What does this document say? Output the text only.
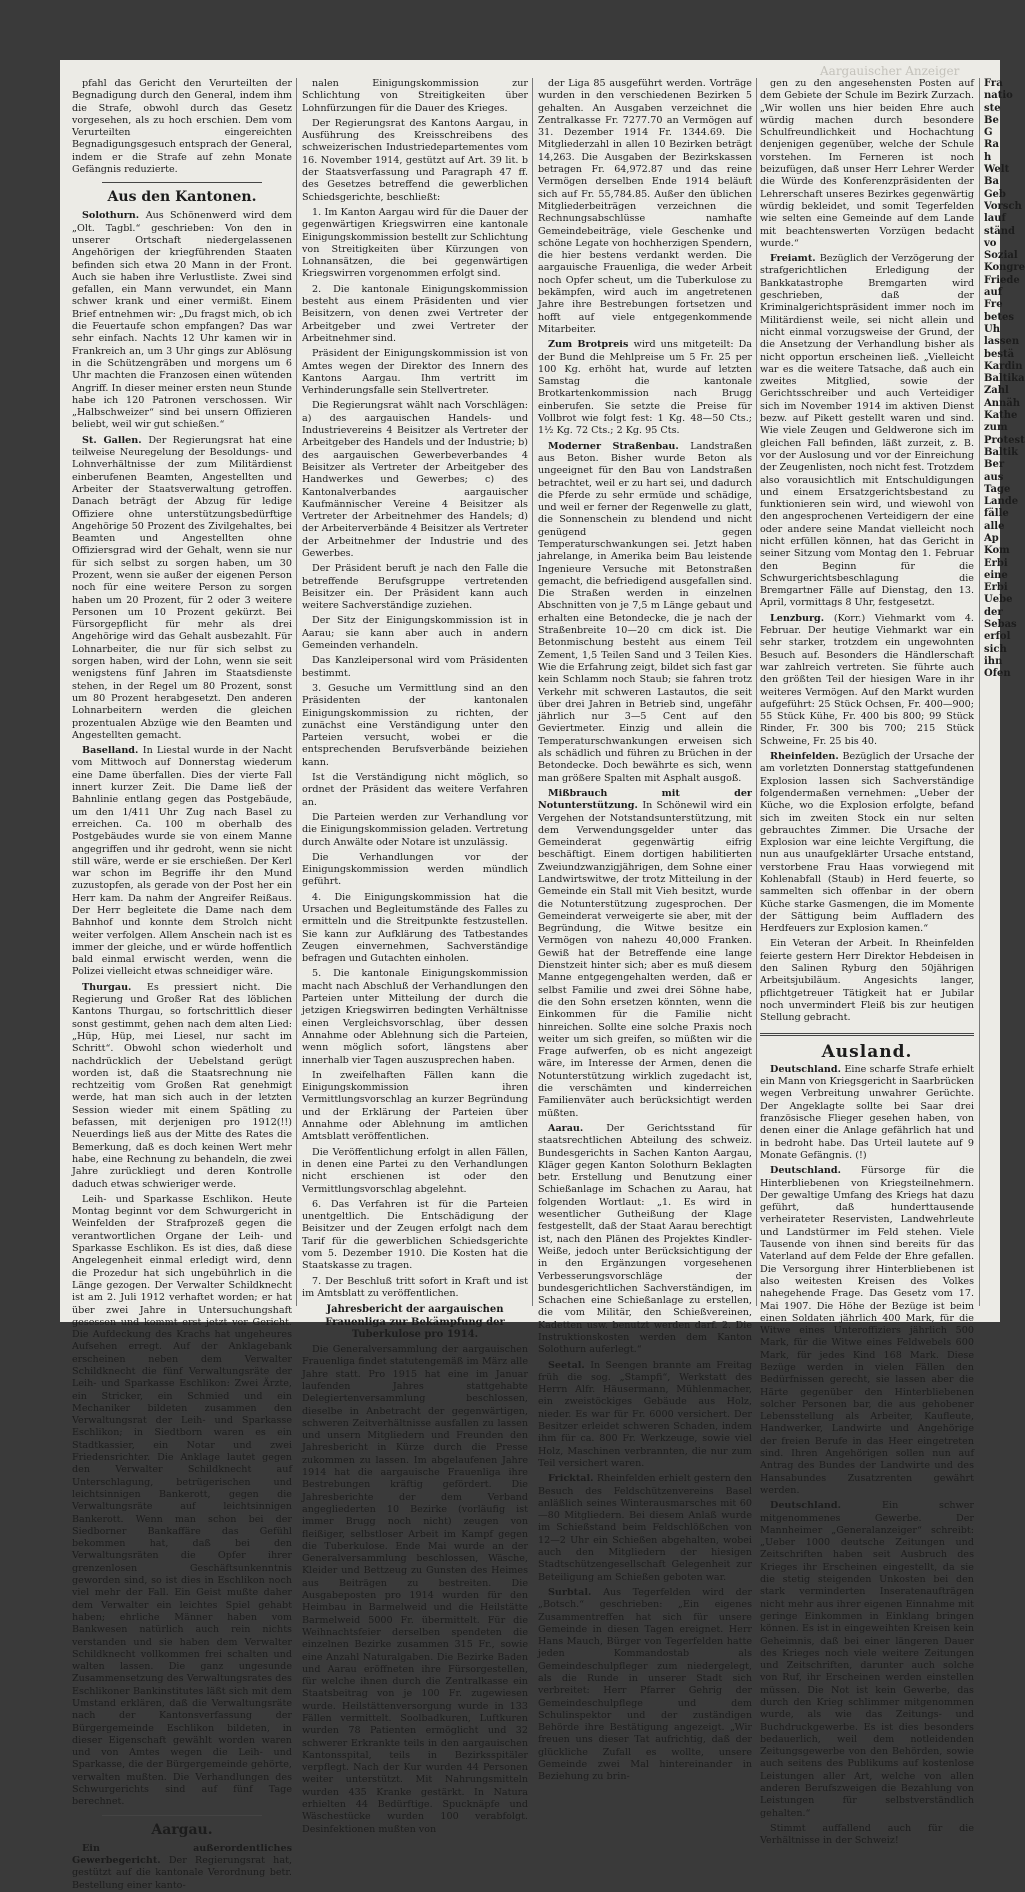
Aargauischer Anzeiger

pfahl das Gericht den Verurteilten der Begnadigung durch den General, indem ihm die Strafe, obwohl durch das Gesetz vorgesehen, als zu hoch erschien. Dem vom Verurteilten eingereichten Begnadigungsgesuch entsprach der General, indem er die Strafe auf zehn Monate Gefängnis reduzierte.

Aus den Kantonen.

Solothurn. Aus Schönenwerd wird dem „Olt. Tagbl.“ geschrieben: Von den in unserer Ortschaft niedergelassenen Angehörigen der kriegführenden Staaten befinden sich etwa 20 Mann in der Front. Auch sie haben ihre Verlustliste. Zwei sind gefallen, ein Mann verwundet, ein Mann schwer krank und einer vermißt. Einem Brief entnehmen wir: „Du fragst mich, ob ich die Feuertaufe schon empfangen? Das war sehr einfach. Nachts 12 Uhr kamen wir in Frankreich an, um 3 Uhr gings zur Ablösung in die Schützengräben und morgens um 6 Uhr machten die Franzosen einen wütenden Angriff. In dieser meiner ersten neun Stunde habe ich 120 Patronen verschossen. Wir „Halbschweizer“ sind bei unsern Offizieren beliebt, weil wir gut schießen.“

St. Gallen. Der Regierungsrat hat eine teilweise Neuregelung der Besoldungs- und Lohnverhältnisse der zum Militärdienst einberufenen Beamten, Angestellten und Arbeiter der Staatsverwaltung getroffen. Danach beträgt der Abzug für ledige Offiziere ohne unterstützungsbedürftige Angehörige 50 Prozent des Zivilgehaltes, bei Beamten und Angestellten ohne Offiziersgrad wird der Gehalt, wenn sie nur für sich selbst zu sorgen haben, um 30 Prozent, wenn sie außer der eigenen Person noch für eine weitere Person zu sorgen haben um 20 Prozent, für 2 oder 3 weitere Personen um 10 Prozent gekürzt. Bei Fürsorgepflicht für mehr als drei Angehörige wird das Gehalt ausbezahlt. Für Lohnarbeiter, die nur für sich selbst zu sorgen haben, wird der Lohn, wenn sie seit wenigstens fünf Jahren im Staatsdienste stehen, in der Regel um 80 Prozent, sonst um 80 Prozent herabgesetzt. Den anderen Lohnarbeitern werden die gleichen prozentualen Abzüge wie den Beamten und Angestellten gemacht.

Baselland. In Liestal wurde in der Nacht vom Mittwoch auf Donnerstag wiederum eine Dame überfallen. Dies der vierte Fall innert kurzer Zeit. Die Dame ließ der Bahnlinie entlang gegen das Postgebäude, um den 1/411 Uhr Zug nach Basel zu erreichen. Ca. 100 m oberhalb des Postgebäudes wurde sie von einem Manne angegriffen und ihr gedroht, wenn sie nicht still wäre, werde er sie erschießen. Der Kerl war schon im Begriffe ihr den Mund zuzustopfen, als gerade von der Post her ein Herr kam. Da nahm der Angreifer Reißaus. Der Herr begleitete die Dame nach dem Bahnhof und konnte dem Strolch nicht weiter verfolgen. Allem Anschein nach ist es immer der gleiche, und er würde hoffentlich bald einmal erwischt werden, wenn die Polizei vielleicht etwas schneidiger wäre.

Thurgau. Es pressiert nicht. Die Regierung und Großer Rat des löblichen Kantons Thurgau, so fortschrittlich dieser sonst gestimmt, gehen nach dem alten Lied: „Hüp, Hüp, mei Liesel, nur sacht im Schritt“. Obwohl schon wiederholt und nachdrücklich der Uebelstand gerügt worden ist, daß die Staatsrechnung nie rechtzeitig vom Großen Rat genehmigt werde, hat man sich auch in der letzten Session wieder mit einem Spätling zu befassen, mit derjenigen pro 1912(!!) Neuerdings ließ aus der Mitte des Rates die Bemerkung, daß es doch keinen Wert mehr habe, eine Rechnung zu behandeln, die zwei Jahre zurückliegt und deren Kontrolle daduch etwas schwieriger werde.

Leih- und Sparkasse Eschlikon. Heute Montag beginnt vor dem Schwurgericht in Weinfelden der Strafprozeß gegen die verantwortlichen Organe der Leih- und Sparkasse Eschlikon. Es ist dies, daß diese Angelegenheit einmal erledigt wird, denn die Prozedur hat sich ungebührlich in die Länge gezogen. Der Verwalter Schildknecht ist am 2. Juli 1912 verhaftet worden; er hat über zwei Jahre in Untersuchungshaft gesessen und kommt erst jetzt vor Gericht. Die Aufdeckung des Krachs hat ungeheures Aufsehen erregt. Auf der Anklagebank erscheinen neben dem Verwalter Schildknecht die fünf Verwaltungsräte der Leih- und Sparkasse Eschlikon: Zwei Ärzte, ein Stricker, ein Schmied und ein Mechaniker bildeten zusammen den Verwaltungsrat der Leih- und Sparkasse Eschlikon; in Siedtborn waren es ein Stadtkassier, ein Notar und zwei Friedensrichter. Die Anklage lautet gegen den Verwalter Schildknecht auf Unterschlagung, betrügerischen und leichtsinnigen Bankerott, gegen die Verwaltungsräte auf leichtsinnigen Bankerott. Wenn man schon bei der Siedborner Bankaffäre das Gefühl bekommen hat, daß bei den Verwaltungsräten die Opfer ihrer grenzenlosen Geschäftsunkenntnis geworden sind, so ist dies in Eschlikon noch viel mehr der Fall. Ein Geist mußte daher dem Verwalter ein leichtes Spiel gehabt haben; ehrliche Männer haben vom Bankwesen natürlich auch rein nichts verstanden und sie haben dem Verwalter Schildknecht vollkommen frei schalten und walten lassen. Die ganz ungesunde Zusammensetzung des Verwaltungsrates des Eschlikoner Bankinstitutes läßt sich mit dem Umstand erklären, daß die Verwaltungsräte nach der Kantonsverfassung der Bürgergemeinde Eschlikon bildeten, in dieser Eigenschaft gewählt worden waren und von Amtes wegen die Leih- und Sparkasse, die der Bürgergemeinde gehörte, verwalten mußten. Die Verhandlungen des Schwurgerichts sind auf fünf Tage berechnet.

Aargau.

Ein außerordentliches Gewerbegericht. Der Regierungsrat hat, gestützt auf die kantonale Verordnung betr. Bestellung einer kanto-

nalen Einigungskommission zur Schlichtung von Streitigkeiten über Lohnfürzungen für die Dauer des Krieges.

Der Regierungsrat des Kantons Aargau, in Ausführung des Kreisschreibens des schweizerischen Industriedepartementes vom 16. November 1914, gestützt auf Art. 39 lit. b der Staatsverfassung und Paragraph 47 ff. des Gesetzes betreffend die gewerblichen Schiedsgerichte, beschließt:

1. Im Kanton Aargau wird für die Dauer der gegenwärtigen Kriegswirren eine kantonale Einigungskommission bestellt zur Schlichtung von Streitigkeiten über Kürzungen von Lohnansätzen, die bei gegenwärtigen Kriegswirren vorgenommen erfolgt sind.

2. Die kantonale Einigungskommission besteht aus einem Präsidenten und vier Beisitzern, von denen zwei Vertreter der Arbeitgeber und zwei Vertreter der Arbeitnehmer sind.

Präsident der Einigungskommission ist von Amtes wegen der Direktor des Innern des Kantons Aargau. Ihm vertritt im Verhinderungsfalle sein Stellvertreter.

Die Regierungsrat wählt nach Vorschlägen: a) des aargauischen Handels- und Industrievereins 4 Beisitzer als Vertreter der Arbeitgeber des Handels und der Industrie; b) des aargauischen Gewerbeverbandes 4 Beisitzer als Vertreter der Arbeitgeber des Handwerkes und Gewerbes; c) des Kantonalverbandes aargauischer Kaufmännischer Vereine 4 Beisitzer als Vertreter der Arbeitnehmer des Handels; d) der Arbeiterverbände 4 Beisitzer als Vertreter der Arbeitnehmer der Industrie und des Gewerbes.

Der Präsident beruft je nach den Falle die betreffende Berufsgruppe vertretenden Beisitzer ein. Der Präsident kann auch weitere Sachverständige zuziehen.

Der Sitz der Einigungskommission ist in Aarau; sie kann aber auch in andern Gemeinden verhandeln.

Das Kanzleipersonal wird vom Präsidenten bestimmt.

3. Gesuche um Vermittlung sind an den Präsidenten der kantonalen Einigungskommission zu richten, der zunächst eine Verständigung unter den Parteien versucht, wobei er die entsprechenden Berufsverbände beiziehen kann.

Ist die Verständigung nicht möglich, so ordnet der Präsident das weitere Verfahren an.

Die Parteien werden zur Verhandlung vor die Einigungskommission geladen. Vertretung durch Anwälte oder Notare ist unzulässig.

Die Verhandlungen vor der Einigungskommission werden mündlich geführt.

4. Die Einigungskommission hat die Ursachen und Begleitumstände des Falles zu ermitteln und die Streitpunkte festzustellen. Sie kann zur Aufklärung des Tatbestandes Zeugen einvernehmen, Sachverständige befragen und Gutachten einholen.

5. Die kantonale Einigungskommission macht nach Abschluß der Verhandlungen den Parteien unter Mitteilung der durch die jetzigen Kriegswirren bedingten Verhältnisse einen Vergleichsvorschlag, über dessen Annahme oder Ablehnung sich die Parteien, wenn möglich sofort, längstens aber innerhalb vier Tagen auszusprechen haben.

In zweifelhaften Fällen kann die Einigungskommission ihren Vermittlungsvorschlag an kurzer Begründung und der Erklärung der Parteien über Annahme oder Ablehnung im amtlichen Amtsblatt veröffentlichen.

Die Veröffentlichung erfolgt in allen Fällen, in denen eine Partei zu den Verhandlungen nicht erschienen ist oder den Vermittlungsvorschlag abgelehnt.

6. Das Verfahren ist für die Parteien unentgeltlich. Die Entschädigung der Beisitzer und der Zeugen erfolgt nach dem Tarif für die gewerblichen Schiedsgerichte vom 5. Dezember 1910. Die Kosten hat die Staatskasse zu tragen.

7. Der Beschluß tritt sofort in Kraft und ist im Amtsblatt zu veröffentlichen.

Jahresbericht der aargauischen Frauenliga zur Bekämpfung der Tuberkulose pro 1914.

Die Generalversammlung der aargauischen Frauenliga findet statutengemäß im März alle Jahre statt. Pro 1915 hat eine im Januar laufenden Jahres stattgehabte Delegiertenversammlung beschlossen, dieselbe in Anbetracht der gegenwärtigen, schweren Zeitverhältnisse ausfallen zu lassen und unsern Mitgliedern und Freunden den Jahresbericht in Kürze durch die Presse zukommen zu lassen. Im abgelaufenen Jahre 1914 hat die aargauische Frauenliga ihre Bestrebungen kräftig gefördert. Die Jahresberichte der dem Verband angegliederten 10 Bezirke (vorläufig ist immer Brugg noch nicht) zeugen von fleißiger, selbstloser Arbeit im Kampf gegen die Tuberkulose. Ende Mai wurde an der Generalversammlung beschlossen, Wäsche, Kleider und Bettzeug zu Gunsten des Heimes aus Beiträgen zu bestreiten. Die Ausgabeposten pro 1914 wurden für den Heimbau in Barmelweid und die Heilstätte Barmelweid 5000 Fr. übermittelt. Für die Weihnachtsfeier derselben spendeten die einzelnen Bezirke zusammen 315 Fr., sowie eine Anzahl Naturalgaben. Die Bezirke Baden und Aarau eröffneten ihre Fürsorgestellen, für welche ihnen durch die Zentralkasse ein Staatsbeitrag von je 100 Fr. zugewiesen wurde. Heilstättenversorgung wurde in 133 Fällen vermittelt. Soolbadkuren, Luftkuren wurden 78 Patienten ermöglicht und 32 schwerer Erkrankte teils in den aargauischen Kantonsspital, teils in Bezirksspitäler verpflegt. Nach der Kur wurden 44 Personen weiter unterstützt. Mit Nahrungsmitteln wurden 435 Kranke gestärkt. In Natura erhielten 44 Bedürftige. Spucknäpfe und Wäschestücke wurden 100 verabfolgt. Desinfektionen mußten von

der Liga 85 ausgeführt werden. Vorträge wurden in den verschiedenen Bezirken 5 gehalten. An Ausgaben verzeichnet die Zentralkasse Fr. 7277.70 an Vermögen auf 31. Dezember 1914 Fr. 1344.69. Die Mitgliederzahl in allen 10 Bezirken beträgt 14,263. Die Ausgaben der Bezirkskassen betragen Fr. 64,972.87 und das reine Vermögen derselben Ende 1914 beläuft sich auf Fr. 55,784.85. Außer den üblichen Mitgliederbeiträgen verzeichnen die Rechnungsabschlüsse namhafte Gemeindebeiträge, viele Geschenke und schöne Legate von hochherzigen Spendern, die hier bestens verdankt werden. Die aargauische Frauenliga, die weder Arbeit noch Opfer scheut, um die Tuberkulose zu bekämpfen, wird auch im angetretenen Jahre ihre Bestrebungen fortsetzen und hofft auf viele entgegenkommende Mitarbeiter.

Zum Brotpreis wird uns mitgeteilt: Da der Bund die Mehlpreise um 5 Fr. 25 per 100 Kg. erhöht hat, wurde auf letzten Samstag die kantonale Brotkartenkommission nach Brugg einberufen. Sie setzte die Preise für Vollbrot wie folgt fest: 1 Kg. 48—50 Cts.; 1½ Kg. 72 Cts.; 2 Kg. 95 Cts.

Moderner Straßenbau. Landstraßen aus Beton. Bisher wurde Beton als ungeeignet für den Bau von Landstraßen betrachtet, weil er zu hart sei, und dadurch die Pferde zu sehr ermüde und schädige, und weil er ferner der Regenwelle zu glatt, die Sonnenschein zu blendend und nicht genügend gegen Temperaturschwankungen sei. Jetzt haben jahrelange, in Amerika beim Bau leistende Ingenieure Versuche mit Betonstraßen gemacht, die befriedigend ausgefallen sind. Die Straßen werden in einzelnen Abschnitten von je 7,5 m Länge gebaut und erhalten eine Betondecke, die je nach der Straßenbreite 10—20 cm dick ist. Die Betonmischung besteht aus einem Teil Zement, 1,5 Teilen Sand und 3 Teilen Kies. Wie die Erfahrung zeigt, bildet sich fast gar kein Schlamm noch Staub; sie fahren trotz Verkehr mit schweren Lastautos, die seit über drei Jahren in Betrieb sind, ungefähr jährlich nur 3—5 Cent auf den Geviertmeter. Einzig und allein die Temperaturschwankungen erweisen sich als schädlich und führen zu Brüchen in der Betondecke. Doch bewährte es sich, wenn man größere Spalten mit Asphalt ausgoß.

Mißbrauch mit der Notunterstützung. In Schönewil wird ein Vergehen der Notstandsunterstützung, mit dem Verwendungsgelder unter das Gemeinderat gegenwärtig eifrig beschäftigt. Einem dortigen habilitierten Zweiundzwanzigjährigen, dem Sohne einer Landwirtswitwe, der trotz Mitteilung in der Gemeinde ein Stall mit Vieh besitzt, wurde die Notunterstützung zugesprochen. Der Gemeinderat verweigerte sie aber, mit der Begründung, die Witwe besitze ein Vermögen von nahezu 40,000 Franken. Gewiß hat der Betreffende eine lange Dienstzeit hinter sich; aber es muß diesem Manne entgegengehalten werden, daß er selbst Familie und zwei drei Söhne habe, die den Sohn ersetzen könnten, wenn die Einkommen für die Familie nicht hinreichen. Sollte eine solche Praxis noch weiter um sich greifen, so müßten wir die Frage aufwerfen, ob es nicht angezeigt wäre, im Interesse der Armen, denen die Notunterstützung wirklich zugedacht ist, die verschämten und kinderreichen Familienväter auch berücksichtigt werden müßten.

Aarau. Der Gerichtsstand für staatsrechtlichen Abteilung des schweiz. Bundesgerichts in Sachen Kanton Aargau, Kläger gegen Kanton Solothurn Beklagten betr. Erstellung und Benutzung einer Schießanlage im Schachen zu Aarau, hat folgenden Wortlaut: „1. Es wird in wesentlicher Gutheißung der Klage festgestellt, daß der Staat Aarau berechtigt ist, nach den Plänen des Projektes Kindler-Weiße, jedoch unter Berücksichtigung der in den Ergänzungen vorgesehenen Verbesserungsvorschläge der bundesgerichtlichen Sachverständigen, im Schachen eine Schießanlage zu erstellen, die vom Militär, den Schießvereinen, Kadetten usw. benutzt werden darf. 2. Die Instruktionskosten werden dem Kanton Solothurn auferlegt.“

Seetal. In Seengen brannte am Freitag früh die sog. „Stampfi“, Werkstatt des Herrn Alfr. Häusermann, Mühlenmacher, ein zweistöckiges Gebäude aus Holz, nieder. Es war für Fr. 6000 versichert. Der Besitzer erleidet schweren Schaden, indem ihm für ca. 800 Fr. Werkzeuge, sowie viel Holz, Maschinen verbrannten, die nur zum Teil versichert waren.

Fricktal. Rheinfelden erhielt gestern den Besuch des Feldschützenvereins Basel anläßlich seines Winterausmarsches mit 60—80 Mitgliedern. Bei diesem Anlaß wurde im Schießstand beim Feldschlößchen von 12—2 Uhr ein Schießen abgehalten, wobei auch den Mitgliedern der hiesigen Stadtschützengesellschaft Gelegenheit zur Beteiligung am Schießen geboten war.

Surbtal. Aus Tegerfelden wird der „Botsch.“ geschrieben: „Ein eigenes Zusammentreffen hat sich für unsere Gemeinde in diesen Tagen ereignet. Herr Hans Mauch, Bürger von Tegerfelden hatte jeden Kommandostab als Gemeindeschulpfleger zum niedergelegt, als die Runde in unserer Stadt sich verbreitet: Herr Pfarrer Gehrig der Gemeindeschulpflege und dem Schulinspektor und der zuständigen Behörde ihre Bestätigung angezeigt. „Wir freuen uns dieser Tat aufrichtig, daß der glückliche Zufall es wollte, unsere Gemeinde zwei Mal hintereinander in Beziehung zu brin-

gen zu den angesehensten Posten auf dem Gebiete der Schule im Bezirk Zurzach. „Wir wollen uns hier beiden Ehre auch würdig machen durch besondere Schulfreundlichkeit und Hochachtung denjenigen gegenüber, welche der Schule vorstehen. Im Ferneren ist noch beizufügen, daß unser Herr Lehrer Werder die Würde des Konferenzpräsidenten der Lehrerschaft unseres Bezirkes gegenwärtig würdig bekleidet, und somit Tegerfelden wie selten eine Gemeinde auf dem Lande mit beachtenswerten Vorzügen bedacht wurde.“

Freiamt. Bezüglich der Verzögerung der strafgerichtlichen Erledigung der Bankkatastrophe Bremgarten wird geschrieben, daß der Kriminalgerichtspräsident immer noch im Militärdienst weile, sei nicht allein und nicht einmal vorzugsweise der Grund, der die Ansetzung der Verhandlung bisher als nicht opportun erscheinen ließ. „Vielleicht war es die weitere Tatsache, daß auch ein zweites Mitglied, sowie der Gerichtsschreiber und auch Verteidiger sich im November 1914 im aktiven Dienst bezw. auf Pikett gestellt waren und sind. Wie viele Zeugen und Geldwerone sich im gleichen Fall befinden, läßt zurzeit, z. B. vor der Auslosung und vor der Einreichung der Zeugenlisten, noch nicht fest. Trotzdem also vorausichtlich mit Entschuldigungen und einem Ersatzgerichtsbestand zu funktionieren sein wird, und wiewohl von den angesprochenen Verteidigern der eine oder andere seine Mandat vielleicht noch nicht erfüllen können, hat das Gericht in seiner Sitzung vom Montag den 1. Februar den Beginn für die Schwurgerichtsbeschlagung die Bremgartner Fälle auf Dienstag, den 13. April, vormittags 8 Uhr, festgesetzt.

Lenzburg. (Korr.) Viehmarkt vom 4. Februar. Der heutige Viehmarkt war ein sehr starker, trotzdem ein ungewohnten Besuch auf. Besonders die Händlerschaft war zahlreich vertreten. Sie führte auch den größten Teil der hiesigen Ware in ihr weiteres Vermögen. Auf den Markt wurden aufgeführt: 25 Stück Ochsen, Fr. 400—900; 55 Stück Kühe, Fr. 400 bis 800; 99 Stück Rinder, Fr. 300 bis 700; 215 Stück Schweine, Fr. 25 bis 40.

Rheinfelden. Bezüglich der Ursache der am vorletzten Donnerstag stattgefundenen Explosion lassen sich Sachverständige folgendermaßen vernehmen: „Ueber der Küche, wo die Explosion erfolgte, befand sich im zweiten Stock ein nur selten gebrauchtes Zimmer. Die Ursache der Explosion war eine leichte Vergiftung, die nun aus unaufgeklärter Ursache entstand, verstorbene Frau Haas vorwiegend mit Kohlenabfall (Staub) in Herd feuerte, so sammelten sich offenbar in der obern Küche starke Gasmengen, die im Momente der Sättigung beim Auffladern des Herdfeuers zur Explosion kamen.“

Ein Veteran der Arbeit. In Rheinfelden feierte gestern Herr Direktor Hebdeisen in den Salinen Ryburg den 50jährigen Arbeitsjubiläum. Angesichts langer, pflichtgetreuer Tätigkeit hat er Jubilar noch unvermindert Fleiß bis zur heutigen Stellung gebracht.

Ausland.

Deutschland. Eine scharfe Strafe erhielt ein Mann von Kriegsgericht in Saarbrücken wegen Verbreitung unwahrer Gerüchte. Der Angeklagte sollte bei Saar drei französische Flieger gesehen haben, von denen einer die Anlage gefährlich hat und in bedroht habe. Das Urteil lautete auf 9 Monate Gefängnis. (!)

Deutschland. Fürsorge für die Hinterbliebenen von Kriegsteilnehmern. Der gewaltige Umfang des Kriegs hat dazu geführt, daß hunderttausende verheirateter Reservisten, Landwehrleute und Landstürmer im Feld stehen. Viele Tausende von ihnen sind bereits für das Vaterland auf dem Felde der Ehre gefallen. Die Versorgung ihrer Hinterbliebenen ist also weitesten Kreisen des Volkes nahegehende Frage. Das Gesetz vom 17. Mai 1907. Die Höhe der Bezüge ist beim einen Soldaten jährlich 400 Mark, für die Witwe eines Unteroffiziers jährlich 500 Mark, für die Witwe eines Feldwebels 600 Mark, für jedes Kind 168 Mark. Diese Bezüge werden in vielen Fällen den Bedürfnissen gerecht, sie lassen aber die Härte gegenüber den Hinterbliebenen solcher Personen bar, die aus gehobener Lebensstellung als Arbeiter, Kaufleute, Handwerker, Landwirte und Angehörige der freien Berufe in das Heer eingetreten sind. Ihren Angehörigen sollen nun auf Antrag des Bundes der Landwirte und des Hansabundes Zusatzrenten gewährt werden.

Deutschland. Ein schwer mitgenommenes Gewerbe. Der Mannheimer „Generalanzeiger“ schreibt: „Ueber 1000 deutsche Zeitungen und Zeitschriften haben seit Ausbruch des Krieges ihr Erscheinen eingestellt, da sie die stetig steigenden Unkosten bei den stark verminderten Inseratenaufträgen nicht mehr aus ihrer eigenen Einnahme mit geringe Einkommen in Einklang bringen können. Es ist in eingeweihten Kreisen kein Geheimnis, daß bei einer längeren Dauer des Krieges noch viele weitere Zeitungen und Zeitschriften, darunter auch solche von Ruf, ihr Erscheinen werden einstellen müssen. Die Not ist kein Gewerbe, das durch den Krieg schlimmer mitgenommen wurde, als wie das Zeitungs- und Buchdruckgewerbe. Es ist dies besonders bedauerlich, weil dem notleidenden Zeitungsgewerbe von den Behörden, sowie auch seitens des Publikums auf kostenlose Leistungen aller Art, welche von allen anderen Berufszweigen die Bezahlung von Leistungen für selbstverständlich gehalten.“

Stimmt auffallend auch für die Verhältnisse in der Schweiz!

Fra
natio
ste
Be
G
Ra
h
Welt
Ba
Geb
Vorsch
lauf
ständ
vo
Sozial
Kongre
Friede
auf
Fre
betes
Uh
lassen
bestä
Kardin
Baltika
Zahl
Annäh
Kathe
zum
Protest
Baltik
Ber
aus
Tage
Lande
fälle
alle
Ap
Kom
Erbi
eine
Erbi
Uebe
der
Sebas
erfol
sich
ihn
Ofen
